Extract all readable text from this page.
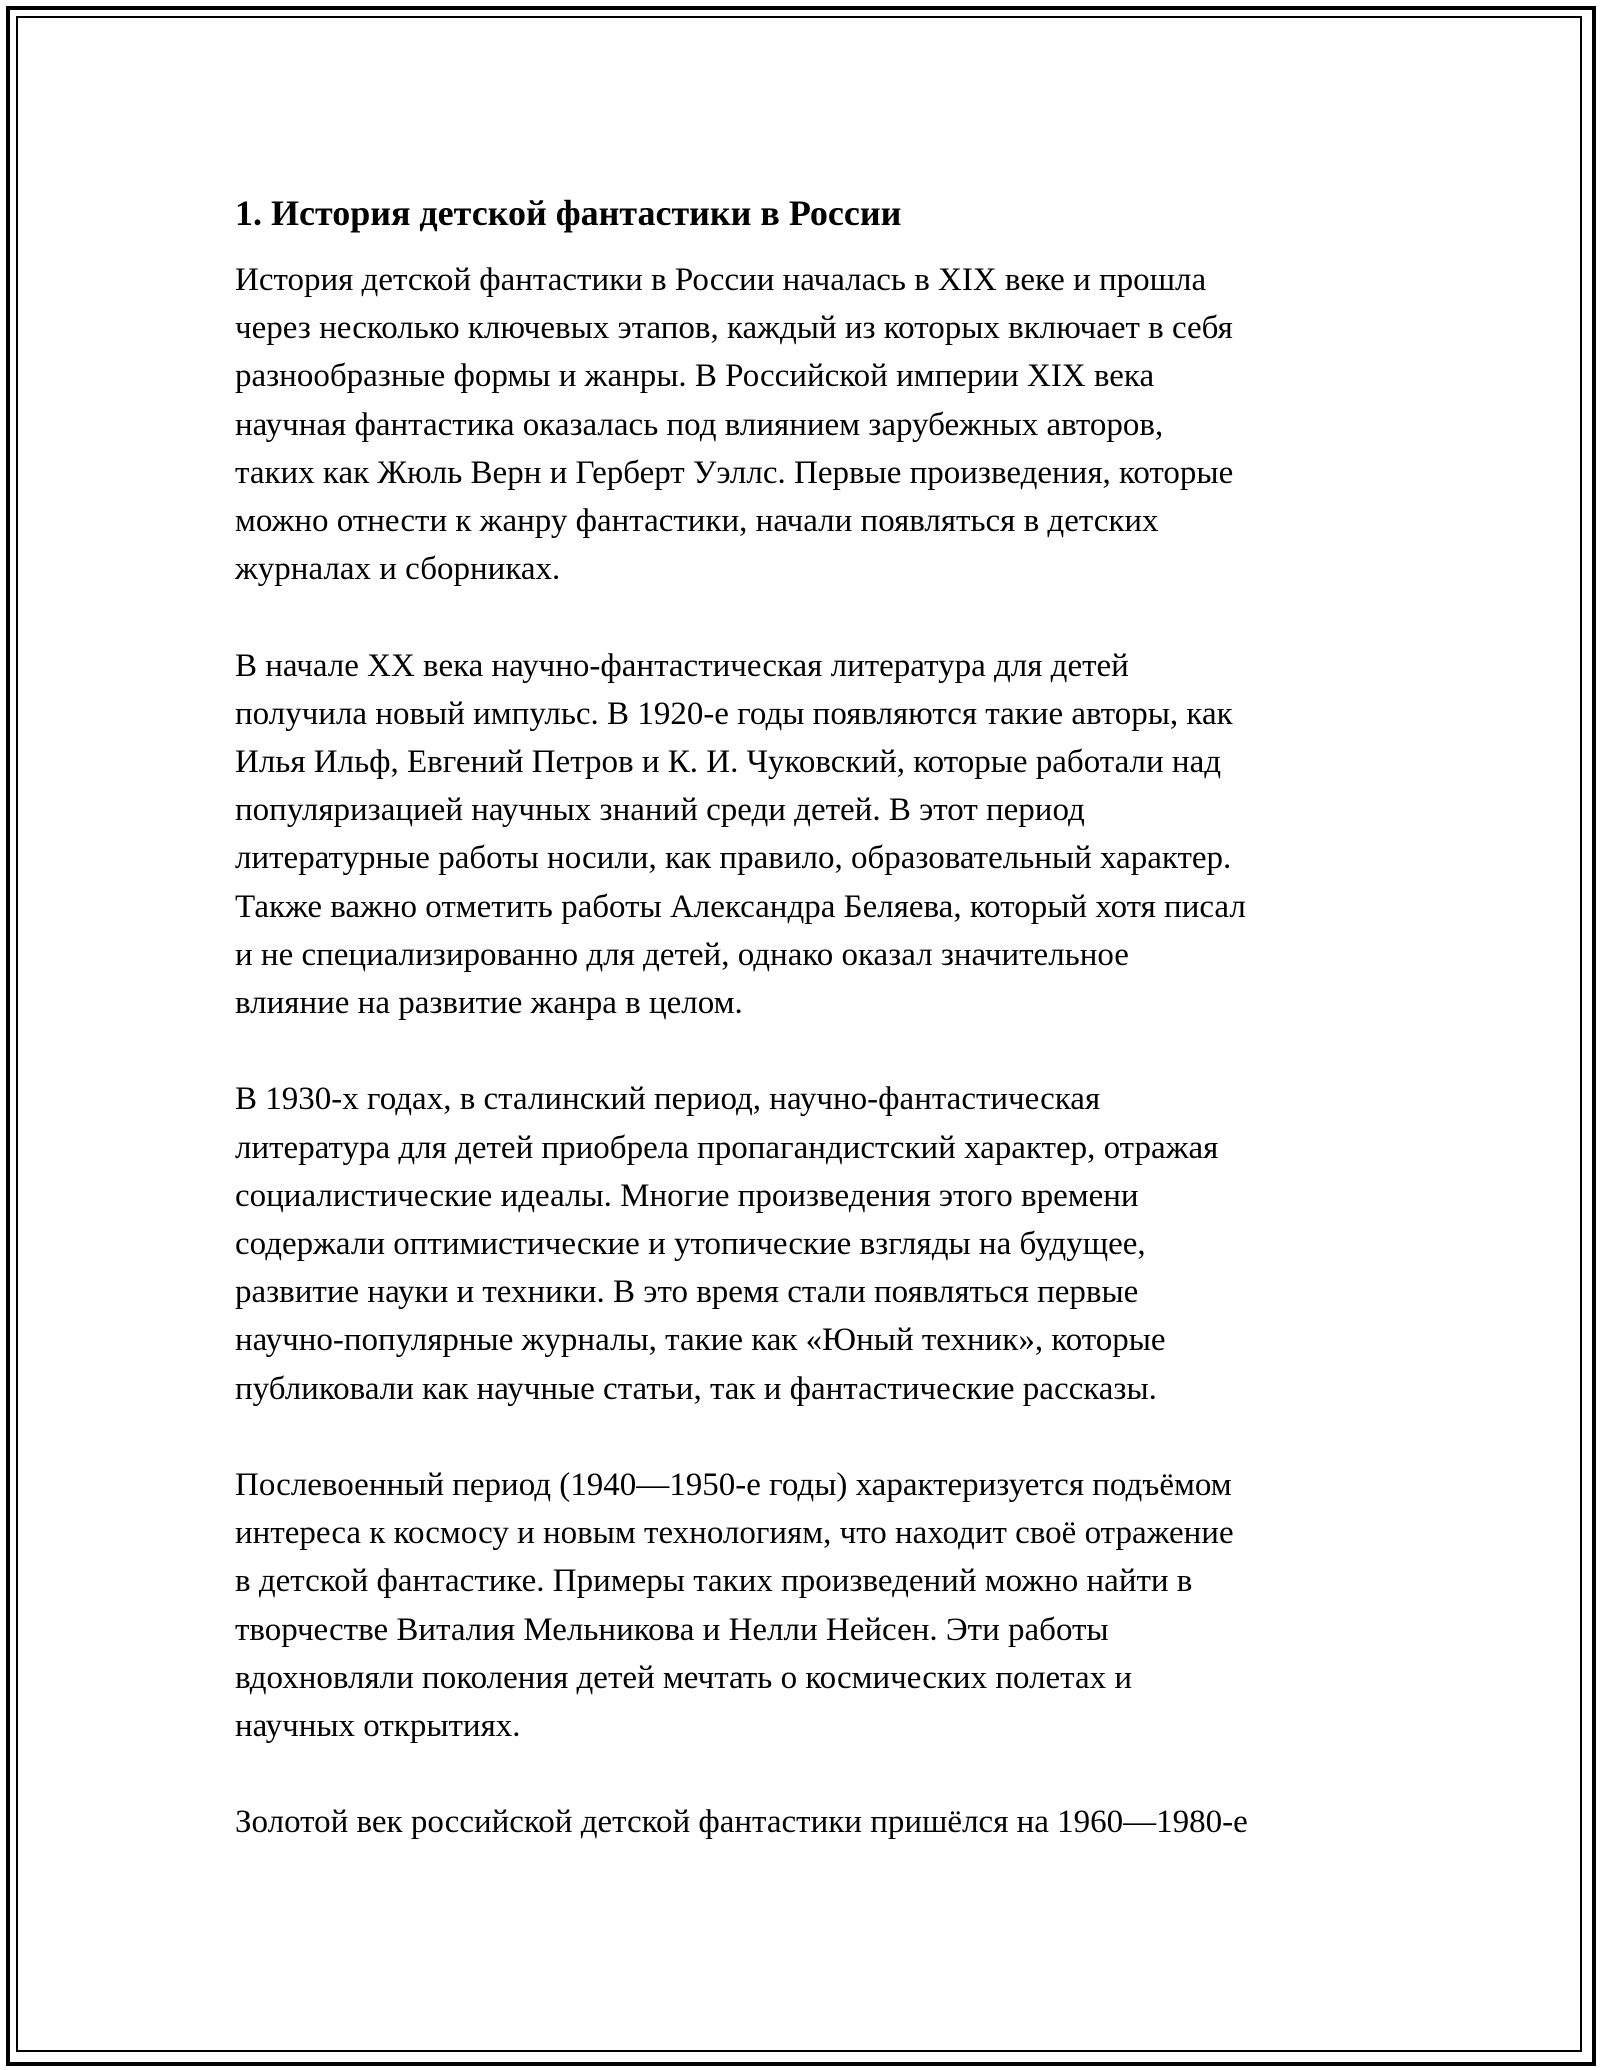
1. История детской фантастики в России
История детской фантастики в России началась в XIX веке и прошла
через несколько ключевых этапов, каждый из которых включает в себя
разнообразные формы и жанры. В Российской империи XIX века
научная фантастика оказалась под влиянием зарубежных авторов,
таких как Жюль Верн и Герберт Уэллс. Первые произведения, которые
можно отнести к жанру фантастики, начали появляться в детских
журналах и сборниках.
В начале XX века научно-фантастическая литература для детей
получила новый импульс. В 1920-е годы появляются такие авторы, как
Илья Ильф, Евгений Петров и К. И. Чуковский, которые работали над
популяризацией научных знаний среди детей. В этот период
литературные работы носили, как правило, образовательный характер.
Также важно отметить работы Александра Беляева, который хотя писал
и не специализированно для детей, однако оказал значительное
влияние на развитие жанра в целом.
В 1930-х годах, в сталинский период, научно-фантастическая
литература для детей приобрела пропагандистский характер, отражая
социалистические идеалы. Многие произведения этого времени
содержали оптимистические и утопические взгляды на будущее,
развитие науки и техники. В это время стали появляться первые
научно-популярные журналы, такие как «Юный техник», которые
публиковали как научные статьи, так и фантастические рассказы.
Послевоенный период (1940—1950-е годы) характеризуется подъёмом
интереса к космосу и новым технологиям, что находит своё отражение
в детской фантастике. Примеры таких произведений можно найти в
творчестве Виталия Мельникова и Нелли Нейсен. Эти работы
вдохновляли поколения детей мечтать о космических полетах и
научных открытиях.
Золотой век российской детской фантастики пришёлся на 1960—1980-е
